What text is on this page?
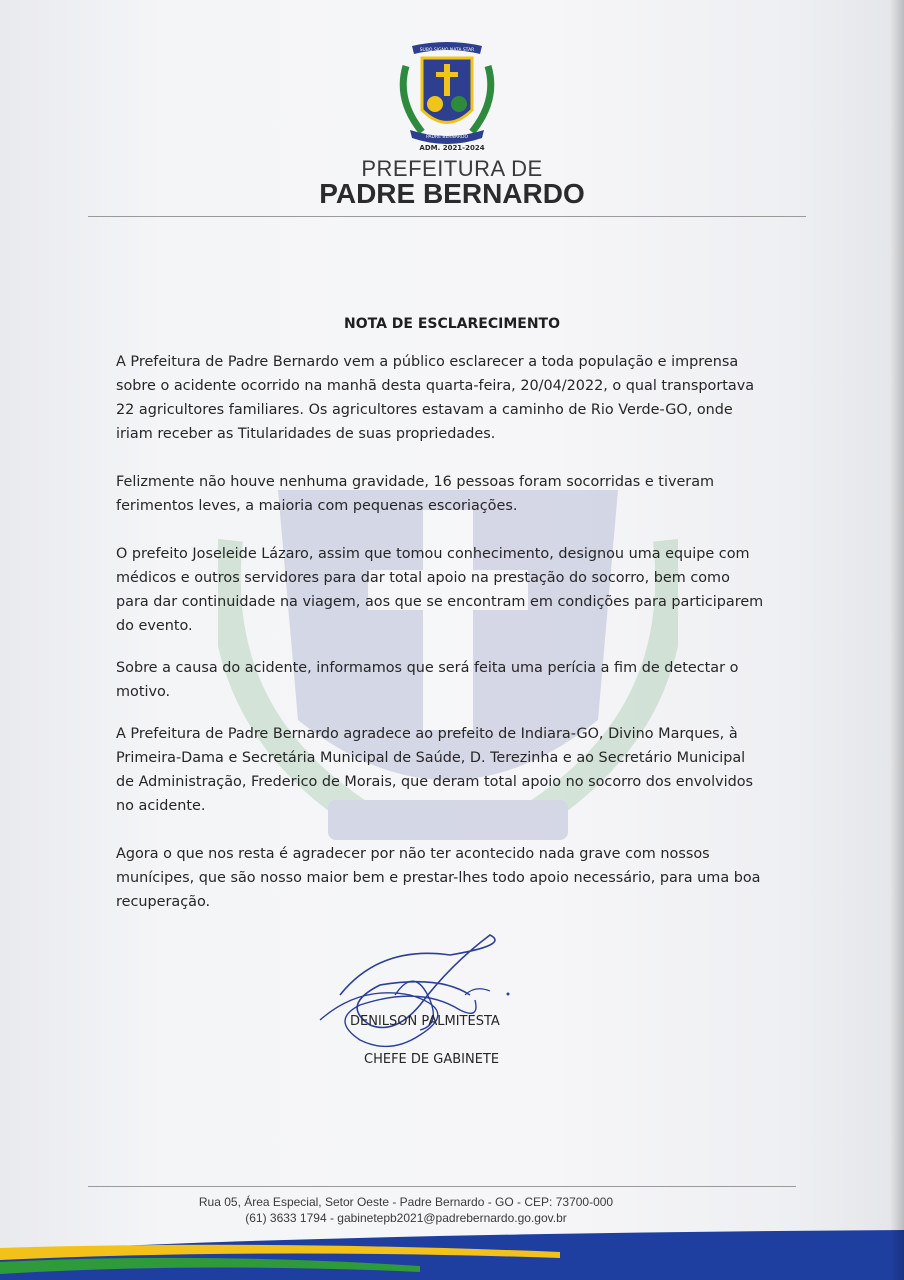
SUBO SIGNO NATA STAR
PADRE BERNARDO
ADM. 2021-2024
PREFEITURA DE
PADRE BERNARDO
NOTA DE ESCLARECIMENTO

A Prefeitura de Padre Bernardo vem a público esclarecer a toda população e imprensa sobre o acidente ocorrido na manhã desta quarta-feira, 20/04/2022, o qual transportava 22 agricultores familiares. Os agricultores estavam a caminho de Rio Verde-GO, onde iriam receber as Titularidades de suas propriedades.

Felizmente não houve nenhuma gravidade, 16 pessoas foram socorridas e tiveram ferimentos leves, a maioria com pequenas escoriações.

O prefeito Joseleide Lázaro, assim que tomou conhecimento, designou uma equipe com médicos e outros servidores para dar total apoio na prestação do socorro, bem como para dar continuidade na viagem, aos que se encontram em condições para participarem do evento.

Sobre a causa do acidente, informamos que será feita uma perícia a fim de detectar o motivo.

A Prefeitura de Padre Bernardo agradece ao prefeito de Indiara-GO, Divino Marques, à Primeira-Dama e Secretária Municipal de Saúde, D. Terezinha e ao Secretário Municipal de Administração, Frederico de Morais, que deram total apoio no socorro dos envolvidos no acidente.

Agora o que nos resta é agradecer por não ter acontecido nada grave com nossos munícipes, que são nosso maior bem e prestar-lhes todo apoio necessário, para uma boa recuperação.

DENILSON PALMITESTA
CHEFE DE GABINETE
Rua 05, Área Especial, Setor Oeste - Padre Bernardo - GO - CEP: 73700-000
(61) 3633 1794 - gabinetepb2021@padrebernardo.go.gov.br
